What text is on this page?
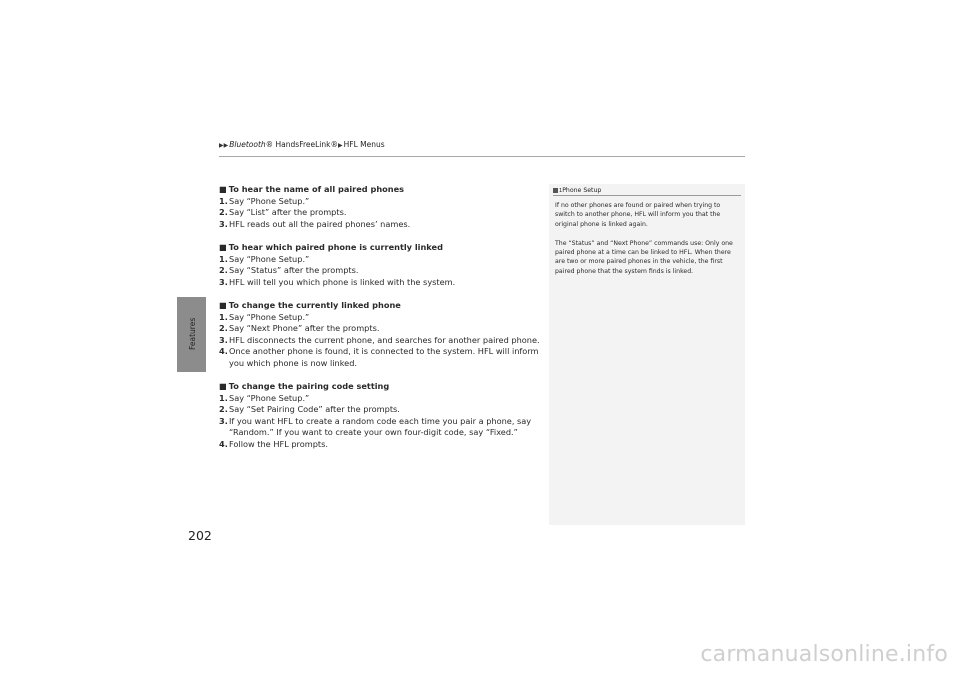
Features
▶▶Bluetooth® HandsFreeLink®▶HFL Menus
■ To hear the name of all paired phones
1. Say “Phone Setup.”
2. Say “List” after the prompts.
3. HFL reads out all the paired phones’ names.
■ To hear which paired phone is currently linked
1. Say “Phone Setup.”
2. Say “Status” after the prompts.
3. HFL will tell you which phone is linked with the system.
■ To change the currently linked phone
1. Say “Phone Setup.”
2. Say “Next Phone” after the prompts.
3. HFL disconnects the current phone, and searches for another paired phone.
4. Once another phone is found, it is connected to the system. HFL will inform you which phone is now linked.
■ To change the pairing code setting
1. Say “Phone Setup.”
2. Say “Set Pairing Code” after the prompts.
3. If you want HFL to create a random code each time you pair a phone, say “Random.” If you want to create your own four-digit code, say “Fixed.”
4. Follow the HFL prompts.
1Phone Setup

If no other phones are found or paired when trying to switch to another phone, HFL will inform you that the original phone is linked again.

The “Status” and “Next Phone” commands use: Only one paired phone at a time can be linked to HFL. When there are two or more paired phones in the vehicle, the first paired phone that the system finds is linked.

202
carmanualsonline.info
